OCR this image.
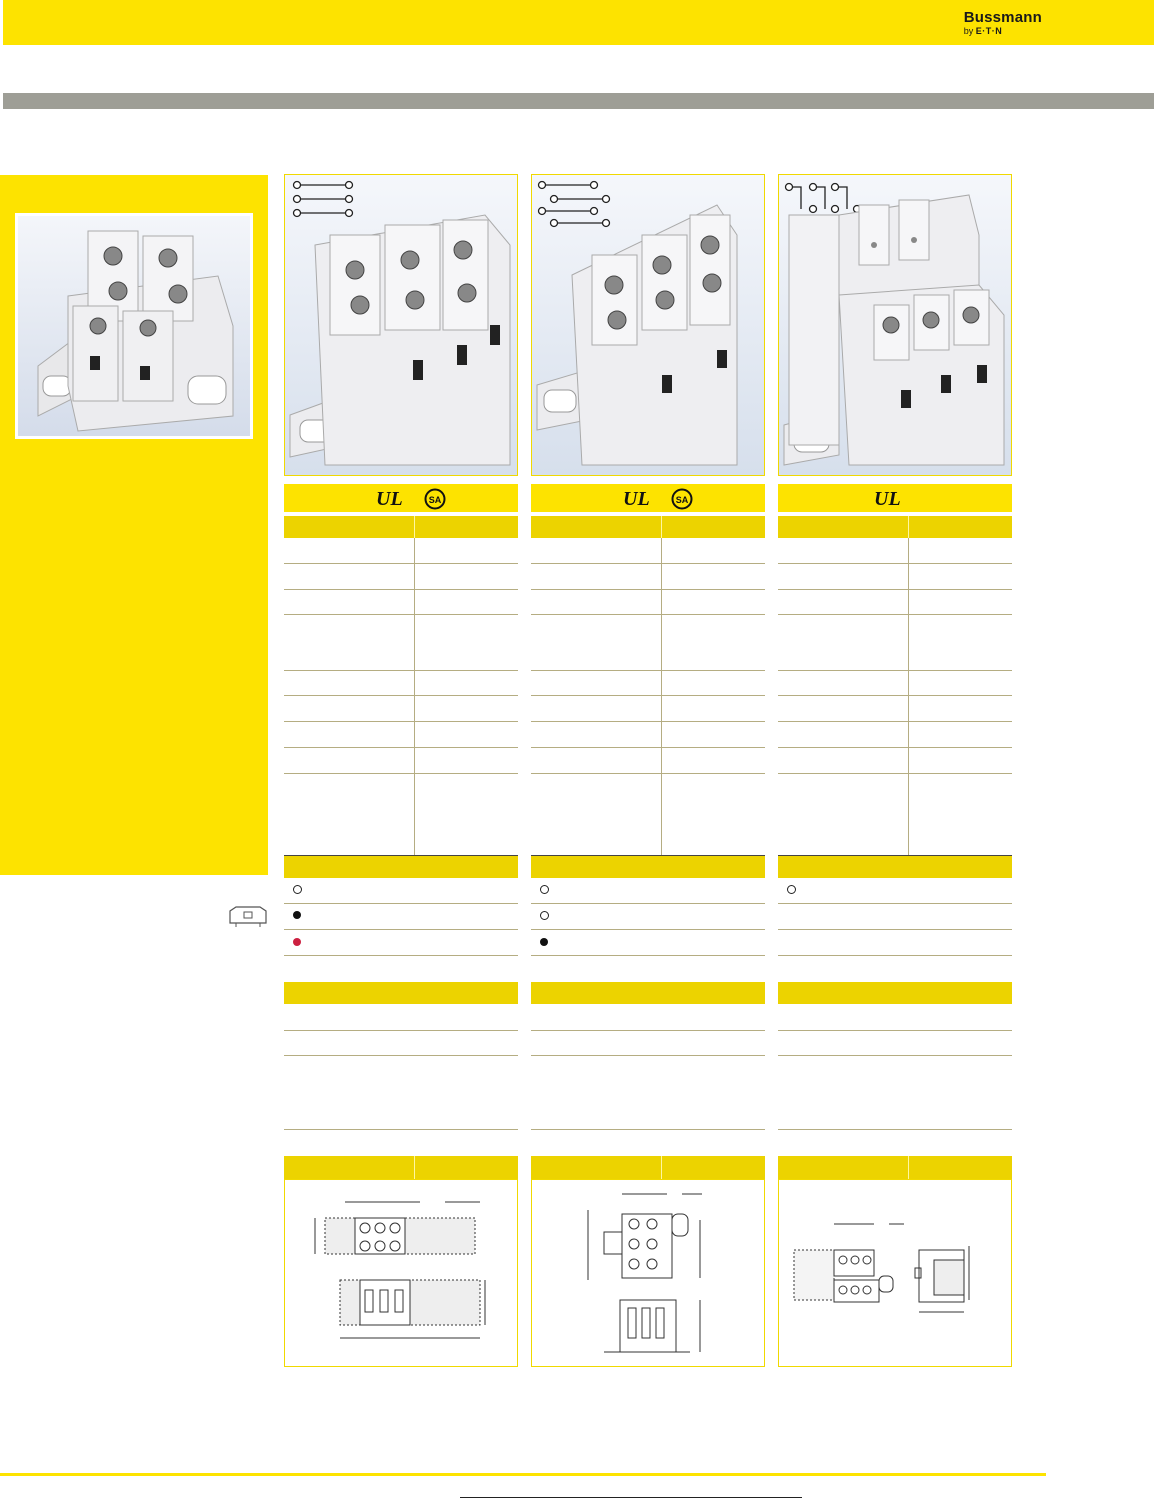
Bussmann
by E·T·N
UL	SA	UL	SA	UL
